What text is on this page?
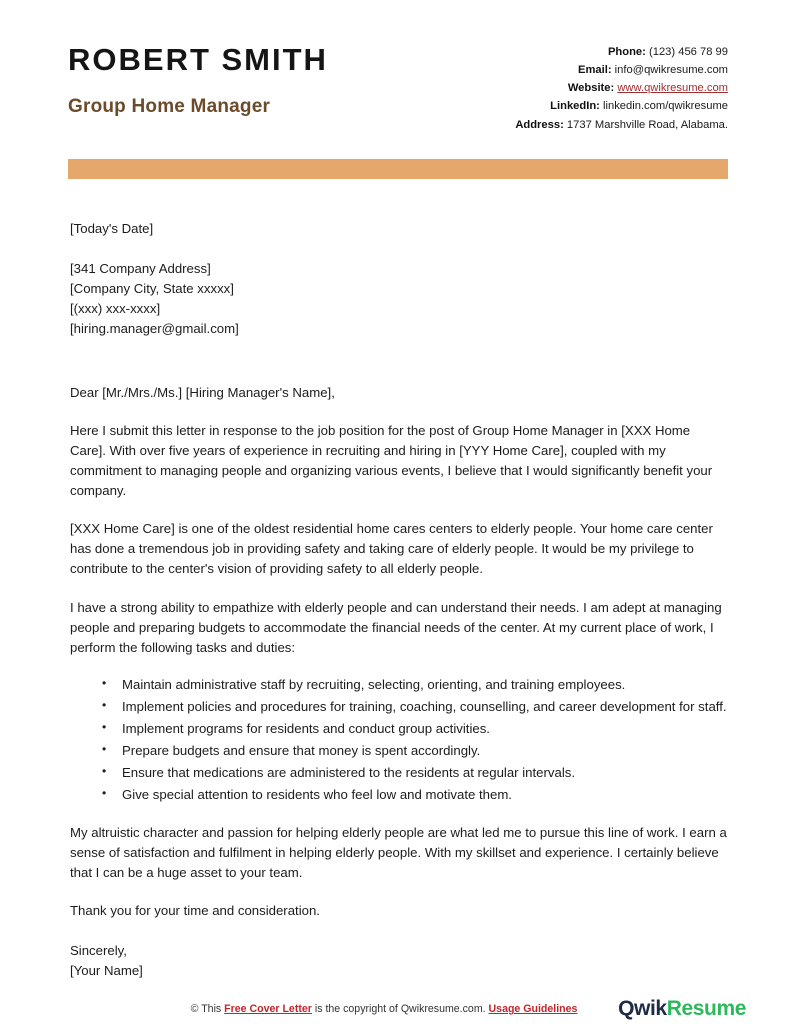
ROBERT SMITH
Group Home Manager
Phone: (123) 456 78 99
Email: info@qwikresume.com
Website: www.qwikresume.com
LinkedIn: linkedin.com/qwikresume
Address: 1737 Marshville Road, Alabama.
[Today's Date]
[341 Company Address]
[Company City, State xxxxx]
[(xxx) xxx-xxxx]
[hiring.manager@gmail.com]
Dear [Mr./Mrs./Ms.] [Hiring Manager's Name],

Here I submit this letter in response to the job position for the post of Group Home Manager in [XXX Home Care]. With over five years of experience in recruiting and hiring in [YYY Home Care], coupled with my commitment to managing people and organizing various events, I believe that I would significantly benefit your company.

[XXX Home Care] is one of the oldest residential home cares centers to elderly people. Your home care center has done a tremendous job in providing safety and taking care of elderly people. It would be my privilege to contribute to the center's vision of providing safety to all elderly people.

I have a strong ability to empathize with elderly people and can understand their needs. I am adept at managing people and preparing budgets to accommodate the financial needs of the center. At my current place of work, I perform the following tasks and duties:

• Maintain administrative staff by recruiting, selecting, orienting, and training employees.
• Implement policies and procedures for training, coaching, counselling, and career development for staff.
• Implement programs for residents and conduct group activities.
• Prepare budgets and ensure that money is spent accordingly.
• Ensure that medications are administered to the residents at regular intervals.
• Give special attention to residents who feel low and motivate them.

My altruistic character and passion for helping elderly people are what led me to pursue this line of work. I earn a sense of satisfaction and fulfilment in helping elderly people. With my skillset and experience. I certainly believe that I can be a huge asset to your team.

Thank you for your time and consideration.

Sincerely,
[Your Name]
© This Free Cover Letter is the copyright of Qwikresume.com. Usage Guidelines	QwikResume
